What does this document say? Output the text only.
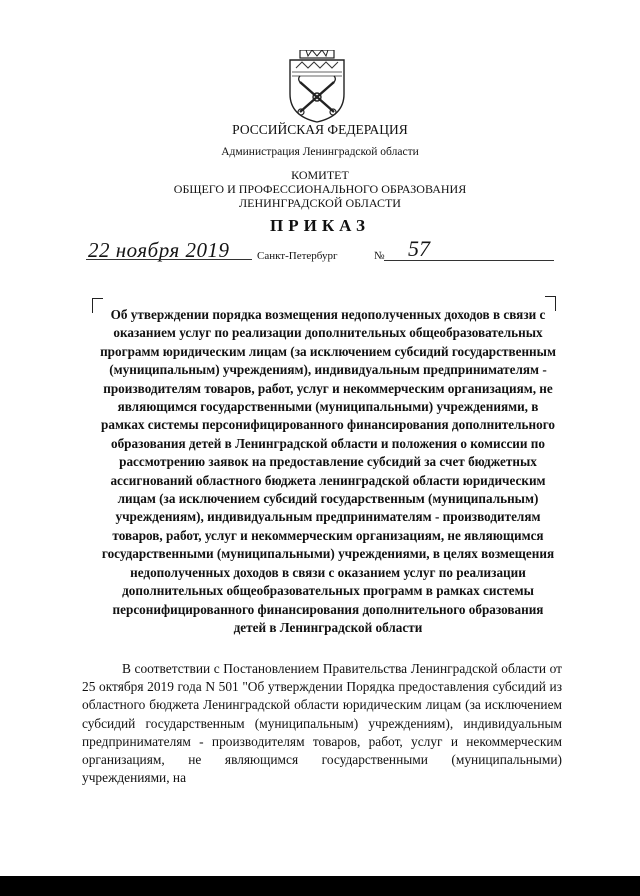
РОССИЙСКАЯ ФЕДЕРАЦИЯ
Администрация Ленинградской области
КОМИТЕТ
ОБЩЕГО И ПРОФЕССИОНАЛЬНОГО ОБРАЗОВАНИЯ
ЛЕНИНГРАДСКОЙ ОБЛАСТИ
ПРИКАЗ
22 ноября 2019	Санкт-Петербург	№ 57
Об утверждении порядка возмещения недополученных доходов в связи с оказанием услуг по реализации дополнительных общеобразовательных программ юридическим лицам (за исключением субсидий государственным (муниципальным) учреждениям), индивидуальным предпринимателям - производителям товаров, работ, услуг и некоммерческим организациям, не являющимся государственными (муниципальными) учреждениями, в рамках системы персонифицированного финансирования дополнительного образования детей в Ленинградской области и положения о комиссии по рассмотрению заявок на предоставление субсидий за счет бюджетных ассигнований областного бюджета ленинградской области юридическим лицам (за исключением субсидий государственным (муниципальным) учреждениям), индивидуальным предпринимателям - производителям товаров, работ, услуг и некоммерческим организациям, не являющимся государственными (муниципальными) учреждениями, в целях возмещения недополученных доходов в связи с оказанием услуг по реализации дополнительных общеобразовательных программ в рамках системы персонифицированного финансирования дополнительного образования детей в Ленинградской области
В соответствии с Постановлением Правительства Ленинградской области от 25 октября 2019 года N 501 "Об утверждении Порядка предоставления субсидий из областного бюджета Ленинградской области юридическим лицам (за исключением субсидий государственным (муниципальным) учреждениям), индивидуальным предпринимателям - производителям товаров, работ, услуг и некоммерческим организациям, не являющимся государственными (муниципальными) учреждениями, на
